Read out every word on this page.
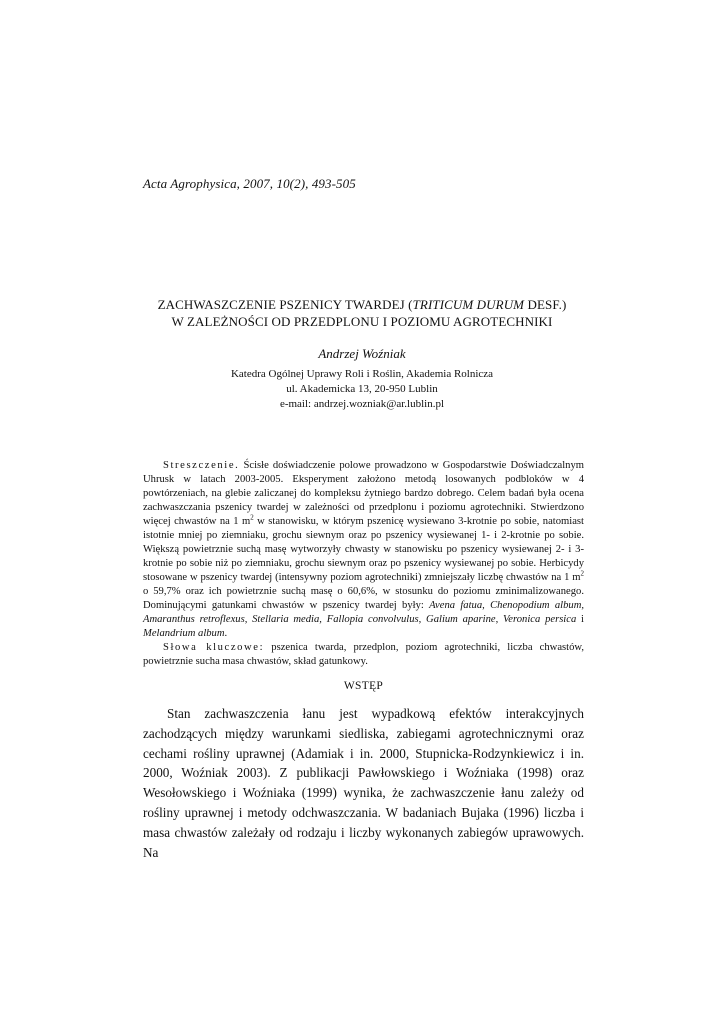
Acta Agrophysica, 2007, 10(2), 493-505
ZACHWASZCZENIE PSZENICY TWARDEJ (TRITICUM DURUM DESF.)
W ZALEŻNOŚCI OD PRZEDPLONU I POZIOMU AGROTECHNIKI
Andrzej Woźniak
Katedra Ogólnej Uprawy Roli i Roślin, Akademia Rolnicza
ul. Akademicka 13, 20-950 Lublin
e-mail: andrzej.wozniak@ar.lublin.pl

Streszczenie. Ścisłe doświadczenie polowe prowadzono w Gospodarstwie Doświadczalnym Uhrusk w latach 2003-2005. Eksperyment założono metodą losowanych podbloków w 4 powtórzeniach, na glebie zaliczanej do kompleksu żytniego bardzo dobrego. Celem badań była ocena zachwaszczania pszenicy twardej w zależności od przedplonu i poziomu agrotechniki. Stwierdzono więcej chwastów na 1 $m^2$ w stanowisku, w którym pszenicę wysiewano 3-krotnie po sobie, natomiast istotnie mniej po ziemniaku, grochu siewnym oraz po pszenicy wysiewanej 1- i 2-krotnie po sobie. Większą powietrznie suchą masę wytworzyły chwasty w stanowisku po pszenicy wysiewanej 2- i 3-krotnie po sobie niż po ziemniaku, grochu siewnym oraz po pszenicy wysiewanej po sobie. Herbicydy stosowane w pszenicy twardej (intensywny poziom agrotechniki) zmniejszały liczbę chwastów na 1 $m^2$ o 59,7% oraz ich powietrznie suchą masę o 60,6%, w stosunku do poziomu zminimalizowanego. Dominującymi gatunkami chwastów w pszenicy twardej były: Avena fatua, Chenopodium album, Amaranthus retroflexus, Stellaria media, Fallopia convolvulus, Galium aparine, Veronica persica i Melandrium album.

Słowa kluczowe: pszenica twarda, przedplon, poziom agrotechniki, liczba chwastów, powietrznie sucha masa chwastów, skład gatunkowy.

WSTĘP

Stan zachwaszczenia łanu jest wypadkową efektów interakcyjnych zachodzących między warunkami siedliska, zabiegami agrotechnicznymi oraz cechami rośliny uprawnej (Adamiak i in. 2000, Stupnicka-Rodzynkiewicz i in. 2000, Woźniak 2003). Z publikacji Pawłowskiego i Woźniaka (1998) oraz Wesołowskiego i Woźniaka (1999) wynika, że zachwaszczenie łanu zależy od rośliny uprawnej i metody odchwaszczania. W badaniach Bujaka (1996) liczba i masa chwastów zależały od rodzaju i liczby wykonanych zabiegów uprawowych. Na
